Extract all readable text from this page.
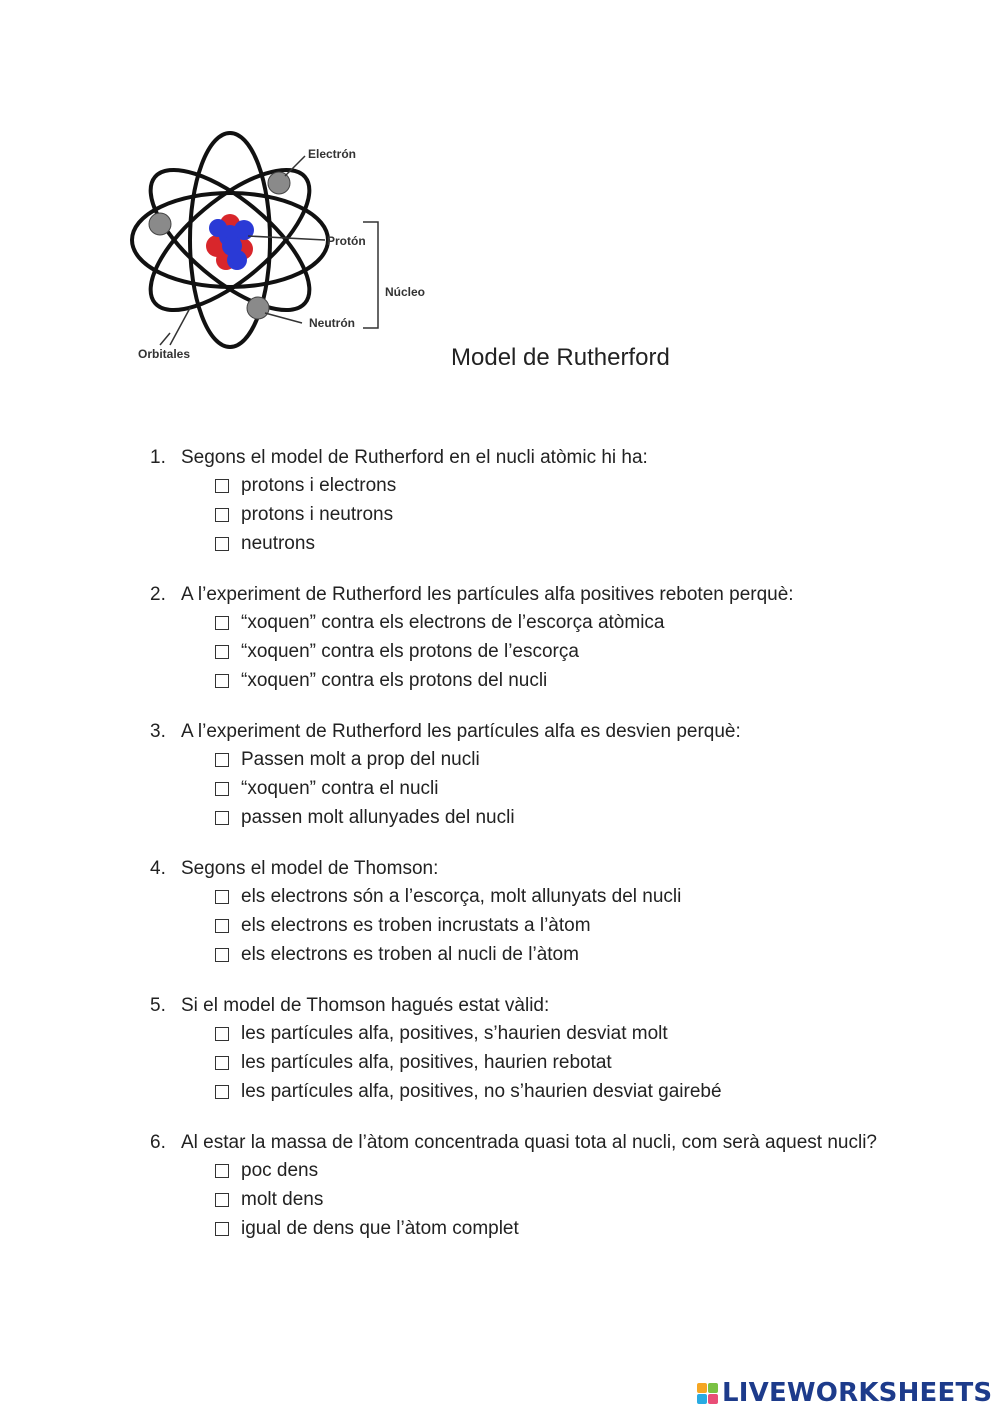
Electrón
Protón
Núcleo
Neutrón
Orbitales	Model de Rutherford
1. Segons el model de Rutherford en el nucli atòmic hi ha:
protons i electrons
protons i neutrons
neutrons
2. A l’experiment de Rutherford les partícules alfa positives reboten perquè:
“xoquen” contra els electrons de l’escorça atòmica
“xoquen” contra els protons de l’escorça
“xoquen” contra els protons del nucli
3. A l’experiment de Rutherford les partícules alfa es desvien perquè:
Passen molt a prop del nucli
“xoquen” contra el nucli
passen molt allunyades del nucli
4. Segons el model de Thomson:
els electrons són a l’escorça, molt allunyats del nucli
els electrons es troben incrustats a l’àtom
els electrons es troben al nucli de l’àtom
5. Si el model de Thomson hagués estat vàlid:
les partícules alfa, positives, s’haurien desviat molt
les partícules alfa, positives, haurien rebotat
les partícules alfa, positives, no s’haurien desviat gairebé
6. Al estar la massa de l’àtom concentrada quasi tota al nucli, com serà aquest nucli?
poc dens
molt dens
igual de dens que l’àtom complet
LIVEWORKSHEETS
